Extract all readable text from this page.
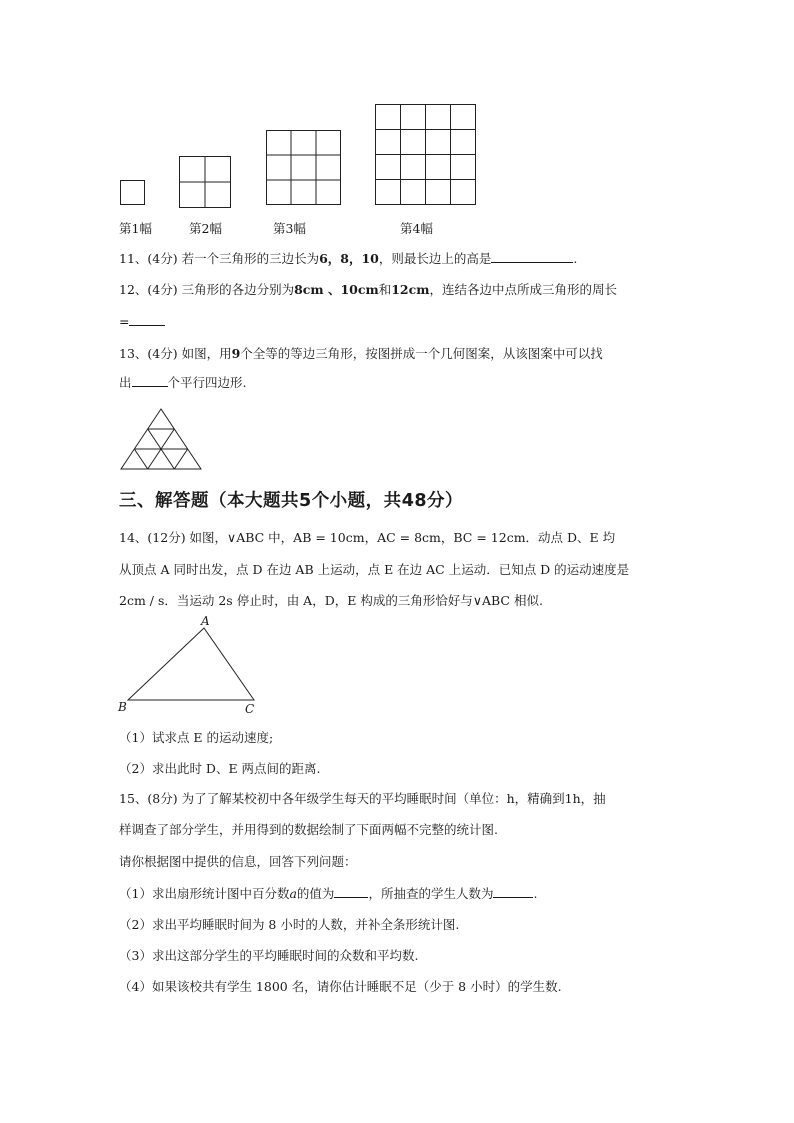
第1幅	第2幅	第3幅	第4幅
11、(4分) 若一个三角形的三边长为6，8，10，则最长边上的高是	.
12、(4分) 三角形的各边分别为8cm 、10cm和12cm，连结各边中点所成三角形的周长
=
13、(4分) 如图，用9个全等的等边三角形，按图拼成一个几何图案，从该图案中可以找
出	个平行四边形.
三、解答题（本大题共5个小题，共48分）
14、(12分) 如图，∨ABC 中，AB = 10cm，AC = 8cm，BC = 12cm．动点 D、E 均
从顶点 A 同时出发，点 D 在边 AB 上运动，点 E 在边 AC 上运动．已知点 D 的运动速度是
2cm / s．当运动 2s 停止时，由 A，D，E 构成的三角形恰好与∨ABC 相似.
A
B	C
（1）试求点 E 的运动速度;
（2）求出此时 D、E 两点间的距离.
15、(8分) 为了了解某校初中各年级学生每天的平均睡眠时间（单位：h，精确到1h，抽
样调查了部分学生，并用得到的数据绘制了下面两幅不完整的统计图.
请你根据图中提供的信息，回答下列问题：
（1）求出扇形统计图中百分数a的值为	，所抽查的学生人数为	.
（2）求出平均睡眠时间为 8 小时的人数，并补全条形统计图.
（3）求出这部分学生的平均睡眠时间的众数和平均数.
（4）如果该校共有学生 1800 名，请你估计睡眠不足（少于 8 小时）的学生数.
